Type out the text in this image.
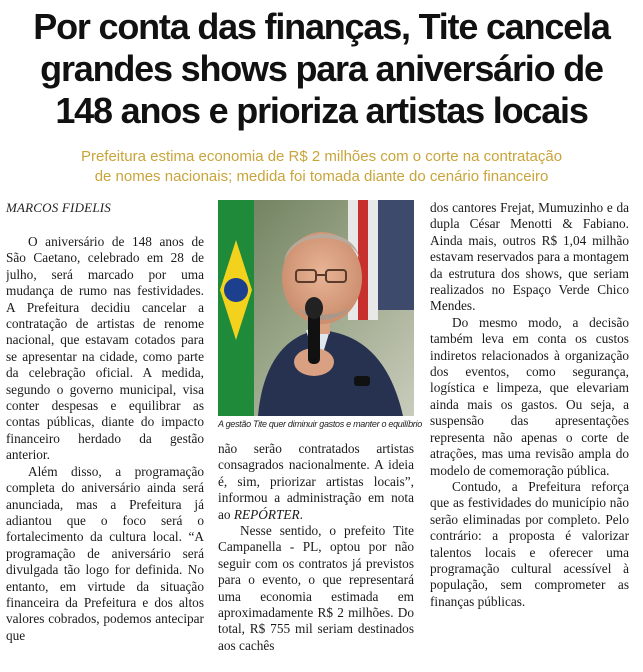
Por conta das finanças, Tite cancela
grandes shows para aniversário de
148 anos e prioriza artistas locais
Prefeitura estima economia de R$ 2 milhões com o corte na contratação
de nomes nacionais; medida foi tomada diante do cenário financeiro
MARCOS FIDELIS

O aniversário de 148 anos de São Caetano, celebrado em 28 de julho, será marcado por uma mudança de rumo nas festividades. A Prefeitura decidiu cancelar a contratação de artistas de renome nacional, que estavam cotados para se apresentar na cidade, como parte da celebração oficial. A medida, segundo o governo municipal, visa conter despesas e equilibrar as contas públicas, diante do impacto financeiro herdado da gestão anterior.

Além disso, a programação completa do aniversário ainda será anunciada, mas a Prefeitura já adiantou que o foco será o fortalecimento da cultura local. “A programação de aniversário será divulgada tão logo for definida. No entanto, em virtude da situação financeira da Prefeitura e dos altos valores cobrados, podemos antecipar que

A gestão Tite quer diminuir gastos e manter o equilíbrio

não serão contratados artistas consagrados nacionalmente. A ideia é, sim, priorizar artistas locais”, informou a administração em nota ao REPÓRTER.

Nesse sentido, o prefeito Tite Campanella - PL, optou por não seguir com os contratos já previstos para o evento, o que representará uma economia estimada em aproximadamente R$ 2 milhões. Do total, R$ 755 mil seriam destinados aos cachês

dos cantores Frejat, Mumuzinho e da dupla César Menotti & Fabiano. Ainda mais, outros R$ 1,04 milhão estavam reservados para a montagem da estrutura dos shows, que seriam realizados no Espaço Verde Chico Mendes.

Do mesmo modo, a decisão também leva em conta os custos indiretos relacionados à organização dos eventos, como segurança, logística e limpeza, que elevariam ainda mais os gastos. Ou seja, a suspensão das apresentações representa não apenas o corte de atrações, mas uma revisão ampla do modelo de comemoração pública.

Contudo, a Prefeitura reforça que as festividades do município não serão eliminadas por completo. Pelo contrário: a proposta é valorizar talentos locais e oferecer uma programação cultural acessível à população, sem comprometer as finanças públicas.
